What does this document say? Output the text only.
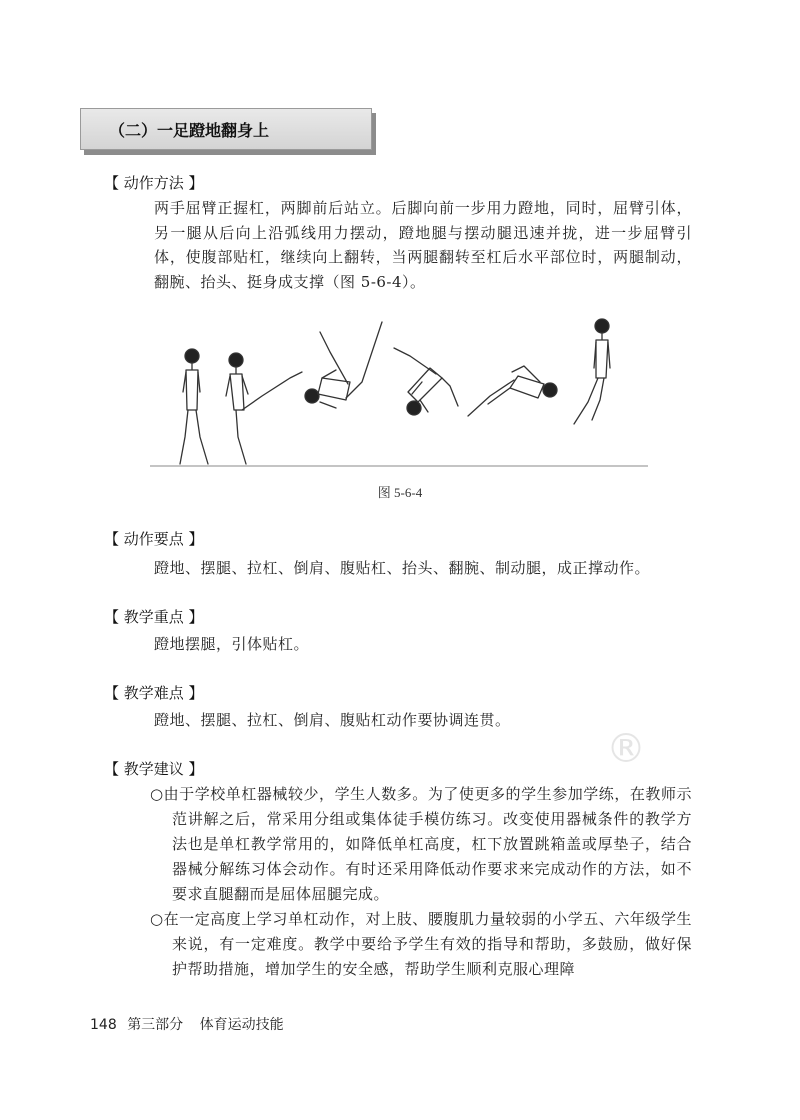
（二）一足蹬地翻身上
【 动作方法 】

两手屈臂正握杠，两脚前后站立。后脚向前一步用力蹬地，同时，屈臂引体，另一腿从后向上沿弧线用力摆动，蹬地腿与摆动腿迅速并拢，进一步屈臂引体，使腹部贴杠，继续向上翻转，当两腿翻转至杠后水平部位时，两腿制动，翻腕、抬头、挺身成支撑（图 5-6-4）。

图 5-6-4
【 动作要点 】
蹬地、摆腿、拉杠、倒肩、腹贴杠、抬头、翻腕、制动腿，成正撑动作。
【 教学重点 】
蹬地摆腿，引体贴杠。
【 教学难点 】
蹬地、摆腿、拉杠、倒肩、腹贴杠动作要协调连贯。
®
【 教学建议 】
○由于学校单杠器械较少，学生人数多。为了使更多的学生参加学练，在教师示范讲解之后，常采用分组或集体徒手模仿练习。改变使用器械条件的教学方法也是单杠教学常用的，如降低单杠高度，杠下放置跳箱盖或厚垫子，结合器械分解练习体会动作。有时还采用降低动作要求来完成动作的方法，如不要求直腿翻而是屈体屈腿完成。
○在一定高度上学习单杠动作，对上肢、腰腹肌力量较弱的小学五、六年级学生来说，有一定难度。教学中要给予学生有效的指导和帮助，多鼓励，做好保护帮助措施，增加学生的安全感，帮助学生顺利克服心理障
148 第三部分 体育运动技能
